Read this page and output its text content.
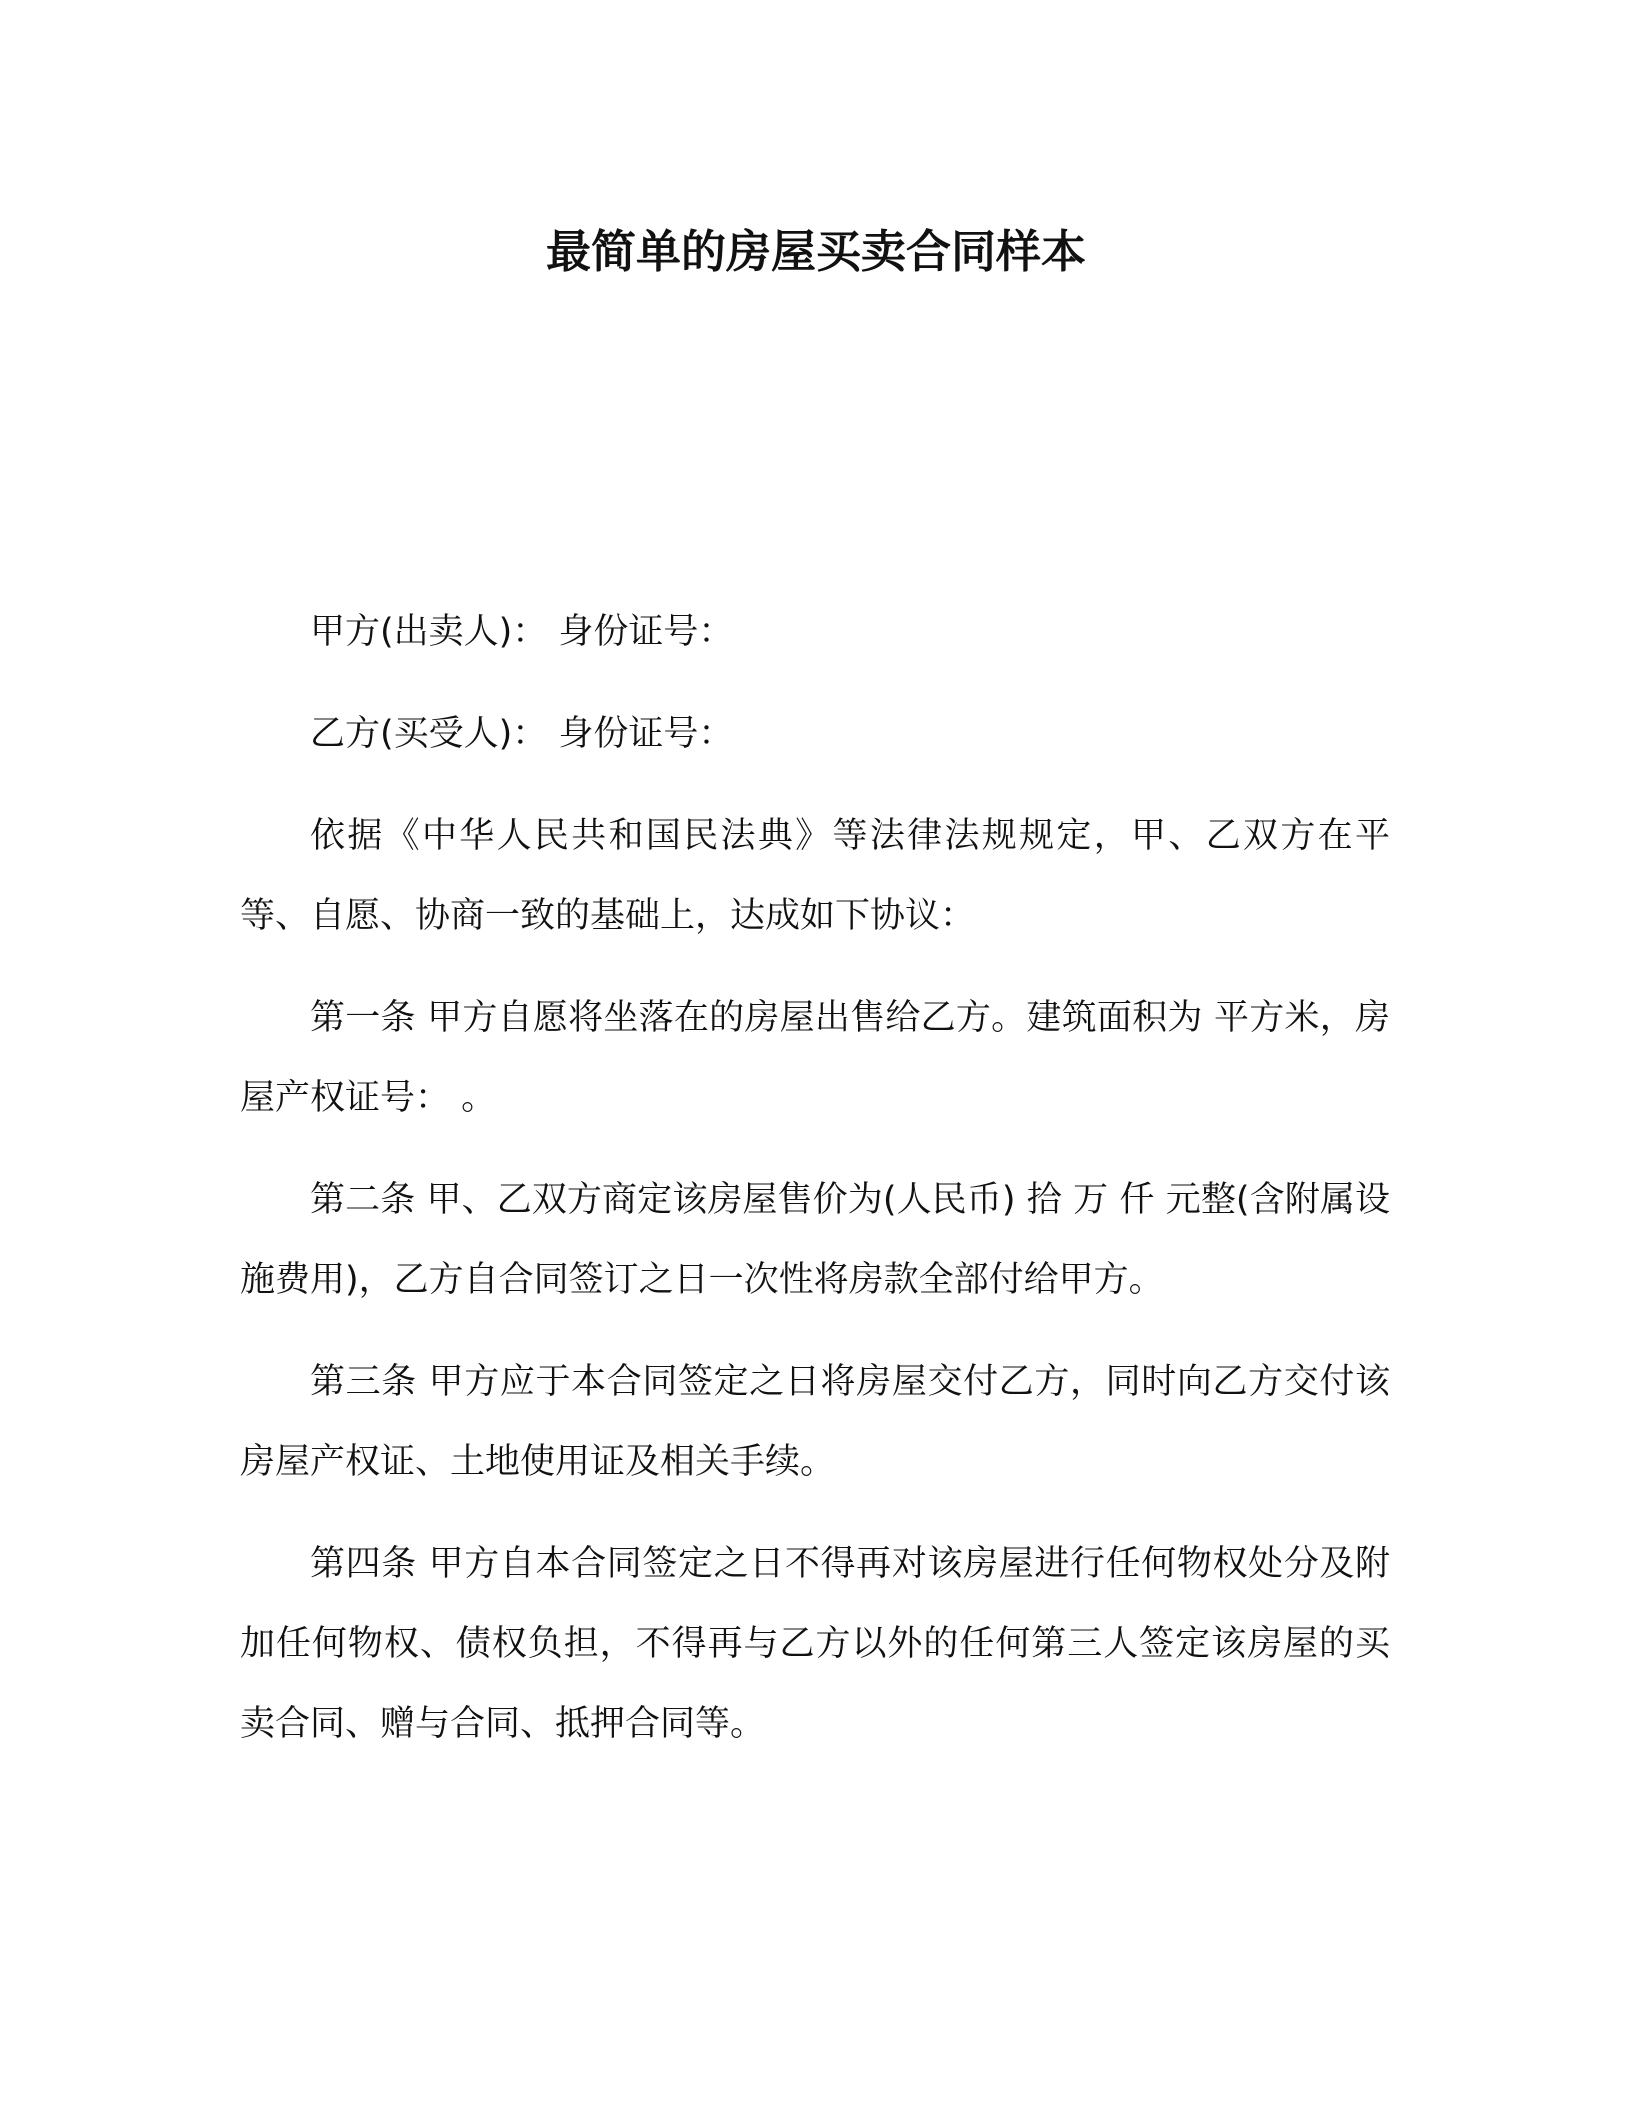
最简单的房屋买卖合同样本

甲方(出卖人)： 身份证号：

乙方(买受人)： 身份证号：

依据《中华人民共和国民法典》等法律法规规定，甲、乙双方在平等、自愿、协商一致的基础上，达成如下协议：

第一条 甲方自愿将坐落在的房屋出售给乙方。建筑面积为 平方米，房屋产权证号： 。

第二条 甲、乙双方商定该房屋售价为(人民币) 拾 万 仟 元整(含附属设施费用)，乙方自合同签订之日一次性将房款全部付给甲方。

第三条 甲方应于本合同签定之日将房屋交付乙方，同时向乙方交付该房屋产权证、土地使用证及相关手续。

第四条 甲方自本合同签定之日不得再对该房屋进行任何物权处分及附加任何物权、债权负担，不得再与乙方以外的任何第三人签定该房屋的买卖合同、赠与合同、抵押合同等。
